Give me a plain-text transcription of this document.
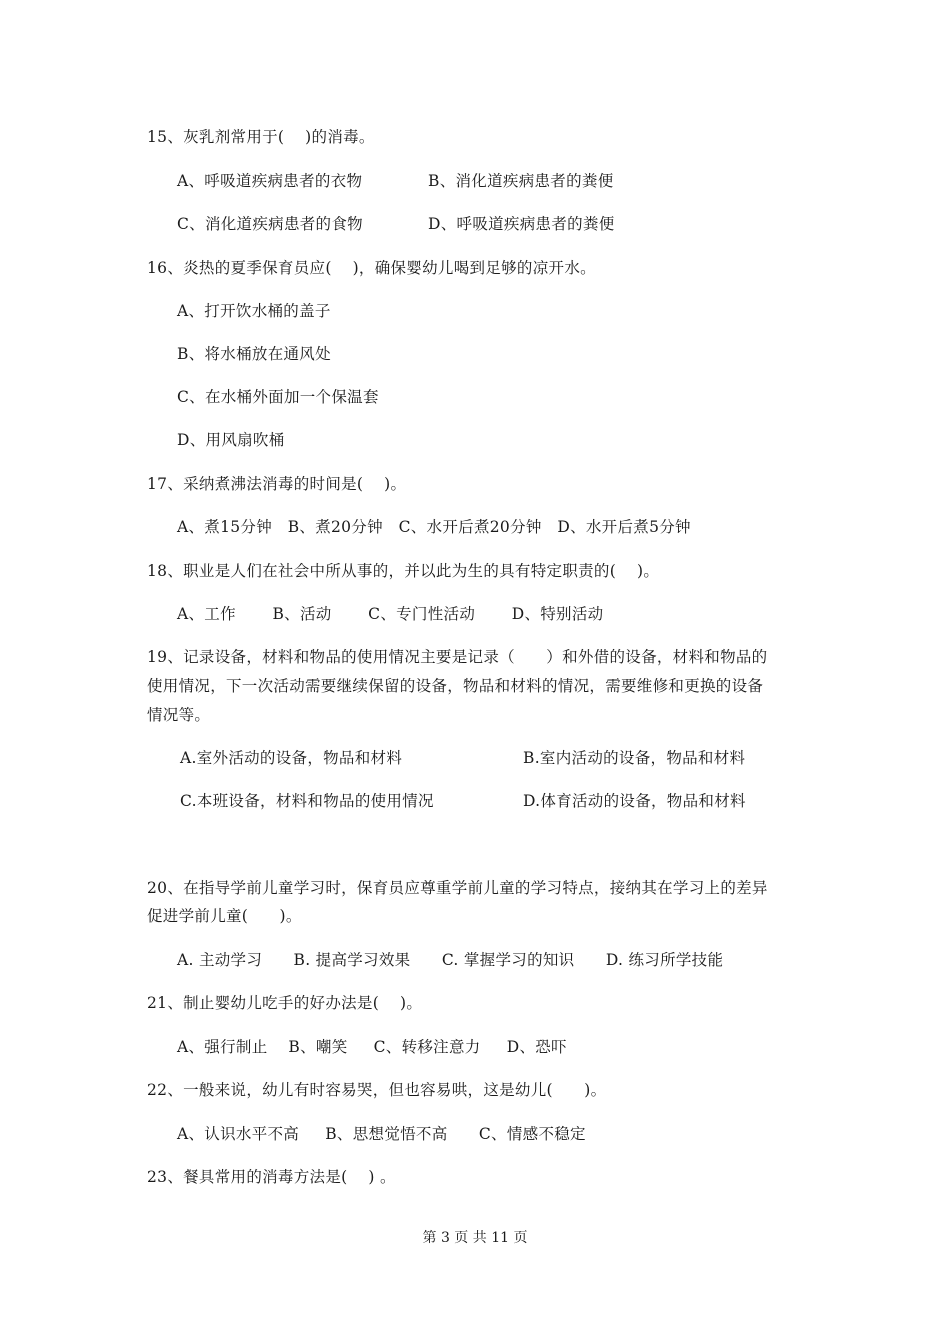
15、灰乳剂常用于(    )的消毒。
A、呼吸道疾病患者的衣物	B、消化道疾病患者的粪便
C、消化道疾病患者的食物	D、呼吸道疾病患者的粪便
16、炎热的夏季保育员应(    )，确保婴幼儿喝到足够的凉开水。
A、打开饮水桶的盖子
B、将水桶放在通风处
C、在水桶外面加一个保温套
D、用风扇吹桶
17、采纳煮沸法消毒的时间是(    )。
A、煮15分钟   B、煮20分钟   C、水开后煮20分钟   D、水开后煮5分钟
18、职业是人们在社会中所从事的，并以此为生的具有特定职责的(    )。
A、工作       B、活动       C、专门性活动       D、特别活动
19、记录设备，材料和物品的使用情况主要是记录（      ）和外借的设备，材料和物品的
使用情况，下一次活动需要继续保留的设备，物品和材料的情况，需要维修和更换的设备
情况等。
A.室外活动的设备，物品和材料	B.室内活动的设备，物品和材料
C.本班设备，材料和物品的使用情况	D.体育活动的设备，物品和材料
20、在指导学前儿童学习时，保育员应尊重学前儿童的学习特点，接纳其在学习上的差异
促进学前儿童(      )。
A. 主动学习      B. 提高学习效果      C. 掌握学习的知识      D. 练习所学技能
21、制止婴幼儿吃手的好办法是(    )。
A、强行制止    B、嘲笑     C、转移注意力     D、恐吓
22、一般来说，幼儿有时容易哭，但也容易哄，这是幼儿(      )。
A、认识水平不高     B、思想觉悟不高      C、情感不稳定
23、餐具常用的消毒方法是(    ) 。
第 3 页 共 11 页
